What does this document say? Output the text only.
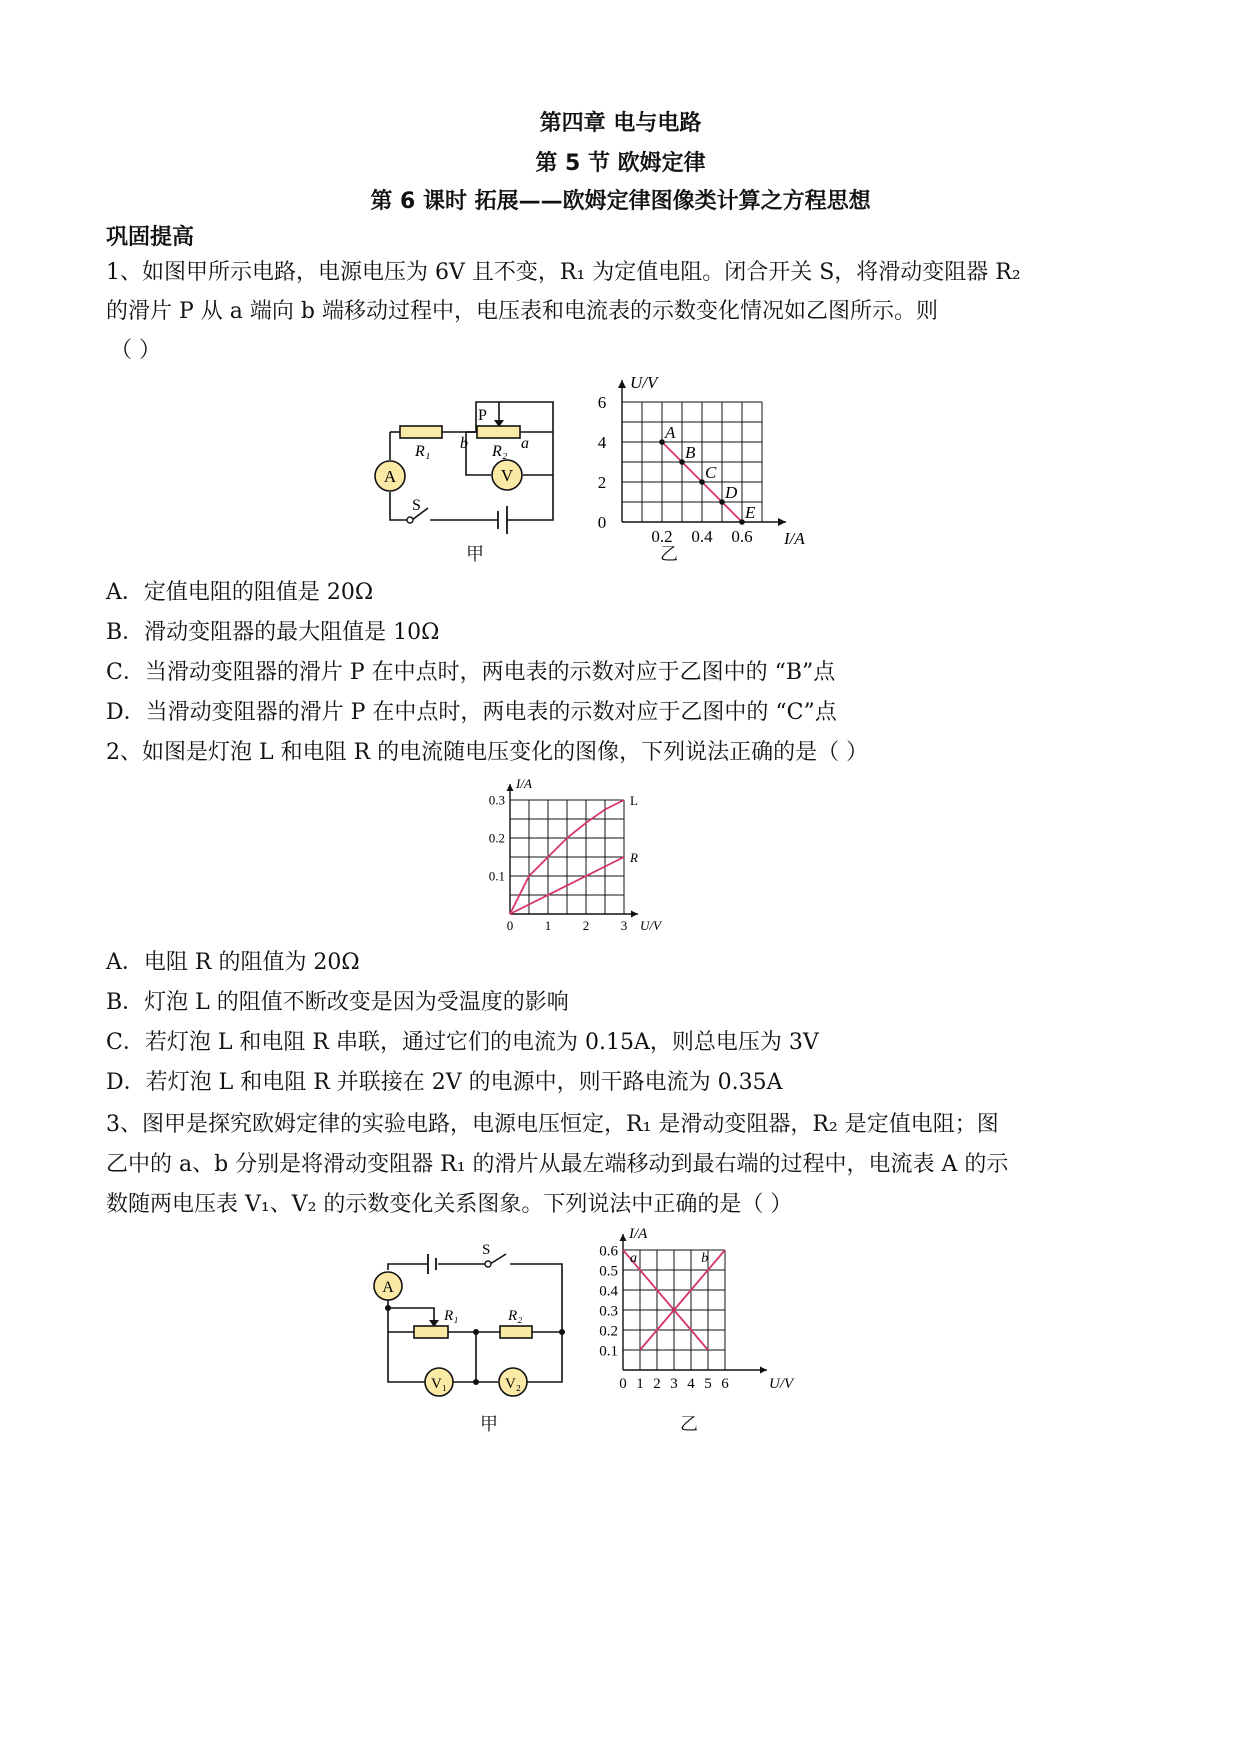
第四章 电与电路
第 5 节 欧姆定律
第 6 课时 拓展——欧姆定律图像类计算之方程思想
巩固提高
1、如图甲所示电路，电源电压为 6V 且不变，R₁ 为定值电阻。闭合开关 S，将滑动变阻器 R₂
的滑片 P 从 a 端向 b 端移动过程中，电压表和电流表的示数变化情况如乙图所示。则
（ ）
A	V
R₁	R₂
P
b	a
S
甲
0.2 0.4 0.6
0
2
4
6
I/A
U/V
A
B
C
D
E
乙
A．定值电阻的阻值是 20Ω
B．滑动变阻器的最大阻值是 10Ω
C．当滑动变阻器的滑片 P 在中点时，两电表的示数对应于乙图中的 “B”点
D．当滑动变阻器的滑片 P 在中点时，两电表的示数对应于乙图中的 “C”点
2、如图是灯泡 L 和电阻 R 的电流随电压变化的图像，下列说法正确的是（ ）
0 1 2 3
0.1
0.2
0.3
U/V
I/A
L
R
A．电阻 R 的阻值为 20Ω
B．灯泡 L 的阻值不断改变是因为受温度的影响
C．若灯泡 L 和电阻 R 串联，通过它们的电流为 0.15A，则总电压为 3V
D．若灯泡 L 和电阻 R 并联接在 2V 的电源中，则干路电流为 0.35A
3、图甲是探究欧姆定律的实验电路，电源电压恒定，R₁ 是滑动变阻器，R₂ 是定值电阻；图
乙中的 a、b 分别是将滑动变阻器 R₁ 的滑片从最左端移动到最右端的过程中，电流表 A 的示
数随两电压表 V₁、V₂ 的示数变化关系图象。下列说法中正确的是（ ）
A
V₁	V₂
R₁	R₂
S
甲
0 1 2 3 4 5 6
0.1
0.2
0.3
0.4
0.5
0.6
U/V
I/A
a	b
乙
